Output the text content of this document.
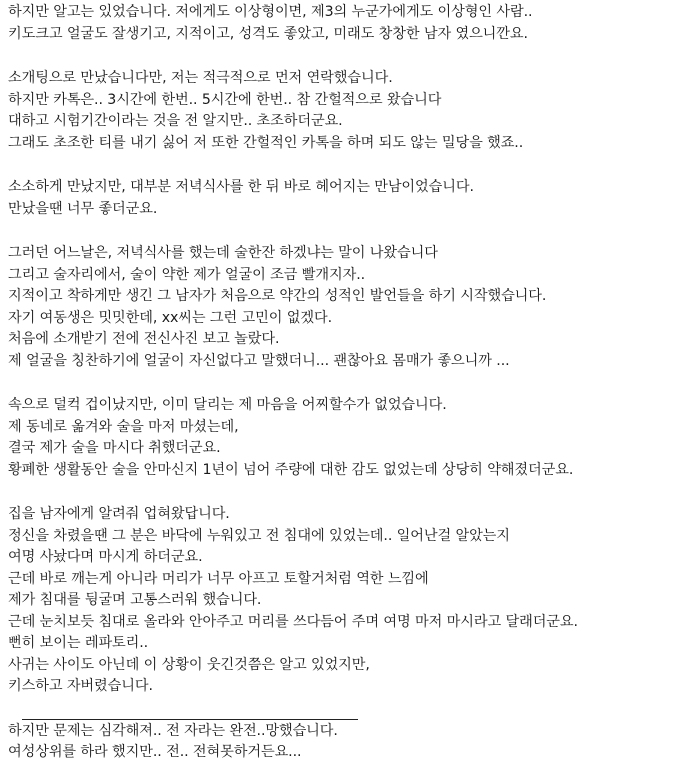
하지만 알고는 있었습니다. 저에게도 이상형이면, 제3의 누군가에게도 이상형인 사람..
키도크고 얼굴도 잘생기고, 지적이고, 성격도 좋았고, 미래도 창창한 남자 였으니깐요.
소개팅으로 만났습니다만, 저는 적극적으로 먼저 연락했습니다.
하지만 카톡은.. 3시간에 한번.. 5시간에 한번.. 참 간헐적으로 왔습니다
대하고 시험기간이라는 것을 전 알지만.. 초조하더군요.
그래도 초조한 티를 내기 싫어 저 또한 간헐적인 카톡을 하며 되도 않는 밀당을 했죠..
소소하게 만났지만, 대부분 저녁식사를 한 뒤 바로 헤어지는 만남이었습니다.
만났을땐 너무 좋더군요.
그러던 어느날은, 저녁식사를 했는데 술한잔 하겠냐는 말이 나왔습니다
그리고 술자리에서, 술이 약한 제가 얼굴이 조금 빨개지자..
지적이고 착하게만 생긴 그 남자가 처음으로 약간의 성적인 발언들을 하기 시작했습니다.
자기 여동생은 밋밋한데, xx씨는 그런 고민이 없겠다.
처음에 소개받기 전에 전신사진 보고 놀랐다.
제 얼굴을 칭찬하기에 얼굴이 자신없다고 말했더니... 괜찮아요 몸매가 좋으니까 ...
속으로 덜컥 겁이났지만, 이미 달리는 제 마음을 어찌할수가 없었습니다.
제 동네로 옮겨와 술을 마저 마셨는데,
결국 제가 술을 마시다 취했더군요.
황폐한 생활동안 술을 안마신지 1년이 넘어 주량에 대한 감도 없었는데 상당히 약해졌더군요.
집을 남자에게 알려줘 업혀왔답니다.
정신을 차렸을땐 그 분은 바닥에 누워있고 전 침대에 있었는데.. 일어난걸 알았는지
여명 사놨다며 마시게 하더군요.
근데 바로 깨는게 아니라 머리가 너무 아프고 토할거처럼 역한 느낌에
제가 침대를 뒹굴며 고통스러워 했습니다.
근데 눈치보듯 침대로 올라와 안아주고 머리를 쓰다듬어 주며 여명 마저 마시라고 달래더군요.
뻔히 보이는 레파토리..
사귀는 사이도 아닌데 이 상황이 웃긴것쯤은 알고 있었지만,
키스하고 자버렸습니다.
하지만 문제는 심각해져.. 전 자라는 완전..망했습니다.
여성상위를 하라 했지만.. 전.. 전혀못하거든요...
